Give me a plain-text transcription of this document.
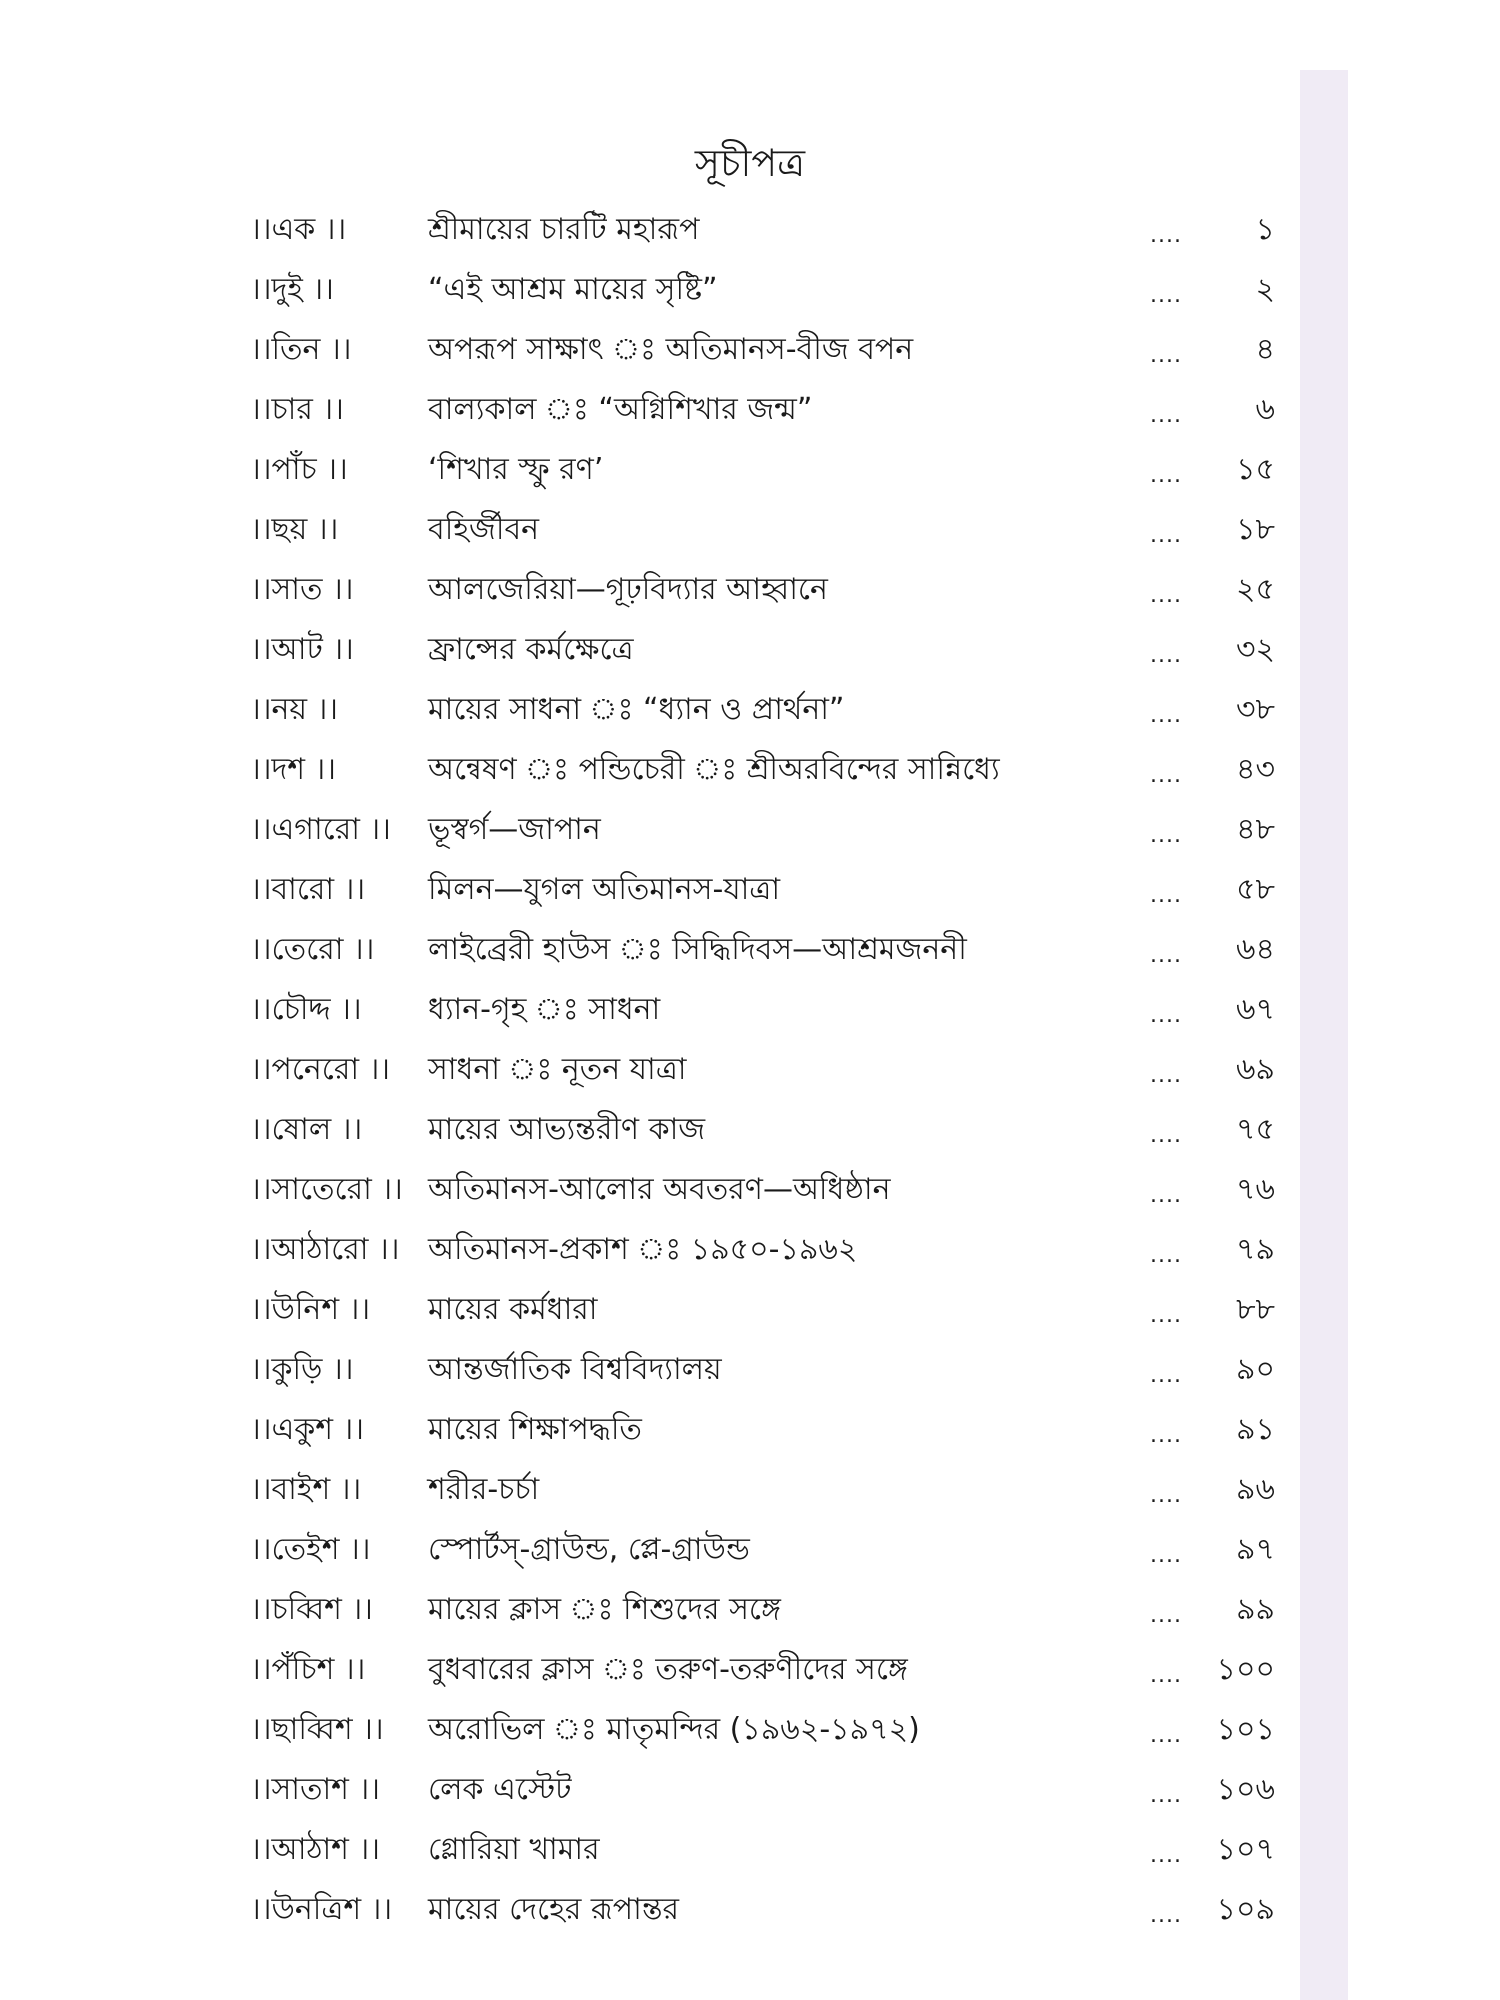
সূচীপত্র
।।এক ।।	শ্রীমায়ের চারটি মহারূপ	.... ১
।।দুই ।।	“এই আশ্রম মায়ের সৃষ্টি”	.... ২
।।তিন ।।	অপরূপ সাক্ষাৎ ঃ অতিমানস-বীজ বপন	.... ৪
।।চার ।।	বাল্যকাল ঃ “অগ্নিশিখার জন্ম”	.... ৬
।।পাঁচ ।।	‘শিখার স্ফু রণ’	.... ১৫
।।ছয় ।।	বহির্জীবন	.... ১৮
।।সাত ।। আলজেরিয়া—গূঢ়বিদ্যার আহ্বানে	.... ২৫
।।আট ।। ফ্রান্সের কর্মক্ষেত্রে	.... ৩২
।।নয় ।।	মায়ের সাধনা ঃ “ধ্যান ও প্রার্থনা”	.... ৩৮
।।দশ ।।	অন্বেষণ ঃ পন্ডিচেরী ঃ শ্রীঅরবিন্দের সান্নিধ্যে	.... ৪৩
।।এগারো ।। ভূস্বর্গ—জাপান	.... ৪৮
।।বারো ।। মিলন—যুগল অতিমানস-যাত্রা	.... ৫৮
।।তেরো ।। লাইব্রেরী হাউস ঃ সিদ্ধিদিবস—আশ্রমজননী	.... ৬৪
।।চৌদ্দ ।। ধ্যান-গৃহ ঃ সাধনা	.... ৬৭
।।পনেরো ।। সাধনা ঃ নূতন যাত্রা	.... ৬৯
।।ষোল ।। মায়ের আভ্যন্তরীণ কাজ	.... ৭৫
।।সাতেরো ।। অতিমানস-আলোর অবতরণ—অধিষ্ঠান	.... ৭৬
।।আঠারো ।। অতিমানস-প্রকাশ ঃ ১৯৫০-১৯৬২	.... ৭৯
।।উনিশ ।। মায়ের কর্মধারা	.... ৮৮
।।কুড়ি ।। আন্তর্জাতিক বিশ্ববিদ্যালয়	.... ৯০
।।একুশ ।। মায়ের শিক্ষাপদ্ধতি	.... ৯১
।।বাইশ ।। শরীর-চর্চা	.... ৯৬
।।তেইশ ।। স্পোর্টস্-গ্রাউন্ড, প্লে-গ্রাউন্ড	.... ৯৭
।।চব্বিশ ।। মায়ের ক্লাস ঃ শিশুদের সঙ্গে	.... ৯৯
।।পঁচিশ ।। বুধবারের ক্লাস ঃ তরুণ-তরুণীদের সঙ্গে	.... ১০০
।।ছাব্বিশ ।। অরোভিল ঃ মাতৃমন্দির (১৯৬২-১৯৭২)	.... ১০১
।।সাতাশ ।। লেক এস্টেট	.... ১০৬
।।আঠাশ ।। গ্লোরিয়া খামার	.... ১০৭
।।উনত্রিশ ।। মায়ের দেহের রূপান্তর	.... ১০৯
